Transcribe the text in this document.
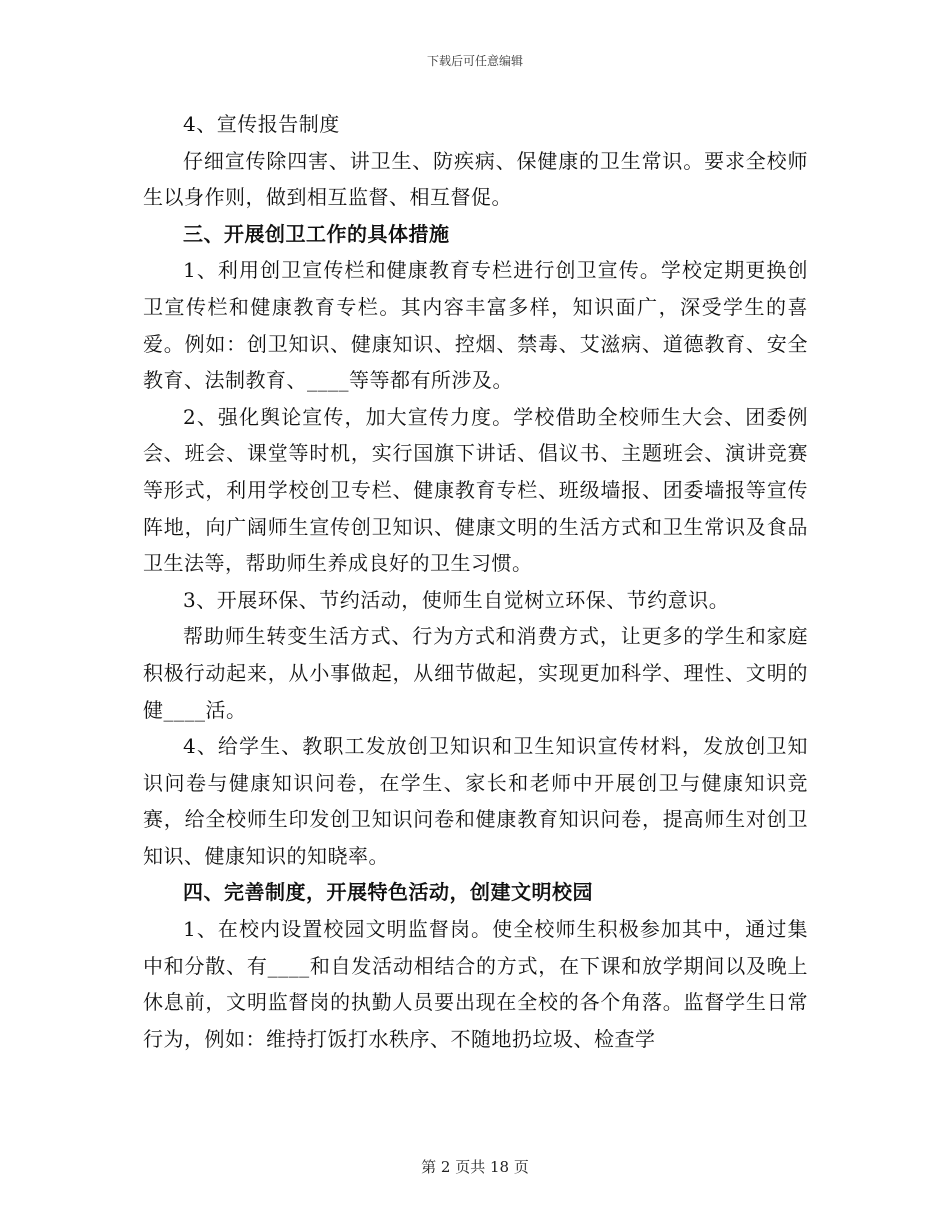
下载后可任意编辑

4、宣传报告制度

仔细宣传除四害、讲卫生、防疾病、保健康的卫生常识。要求全校师生以身作则，做到相互监督、相互督促。

三、开展创卫工作的具体措施

1、利用创卫宣传栏和健康教育专栏进行创卫宣传。学校定期更换创卫宣传栏和健康教育专栏。其内容丰富多样，知识面广，深受学生的喜爱。例如：创卫知识、健康知识、控烟、禁毒、艾滋病、道德教育、安全教育、法制教育、____等等都有所涉及。

2、强化舆论宣传，加大宣传力度。学校借助全校师生大会、团委例会、班会、课堂等时机，实行国旗下讲话、倡议书、主题班会、演讲竞赛等形式，利用学校创卫专栏、健康教育专栏、班级墙报、团委墙报等宣传阵地，向广阔师生宣传创卫知识、健康文明的生活方式和卫生常识及食品卫生法等，帮助师生养成良好的卫生习惯。

3、开展环保、节约活动，使师生自觉树立环保、节约意识。

帮助师生转变生活方式、行为方式和消费方式，让更多的学生和家庭积极行动起来，从小事做起，从细节做起，实现更加科学、理性、文明的健____活。

4、给学生、教职工发放创卫知识和卫生知识宣传材料，发放创卫知识问卷与健康知识问卷，在学生、家长和老师中开展创卫与健康知识竞赛，给全校师生印发创卫知识问卷和健康教育知识问卷，提高师生对创卫知识、健康知识的知晓率。

四、完善制度，开展特色活动，创建文明校园

1、在校内设置校园文明监督岗。使全校师生积极参加其中，通过集中和分散、有____和自发活动相结合的方式，在下课和放学期间以及晚上休息前，文明监督岗的执勤人员要出现在全校的各个角落。监督学生日常行为，例如：维持打饭打水秩序、不随地扔垃圾、检查学

第 2 页共 18 页
